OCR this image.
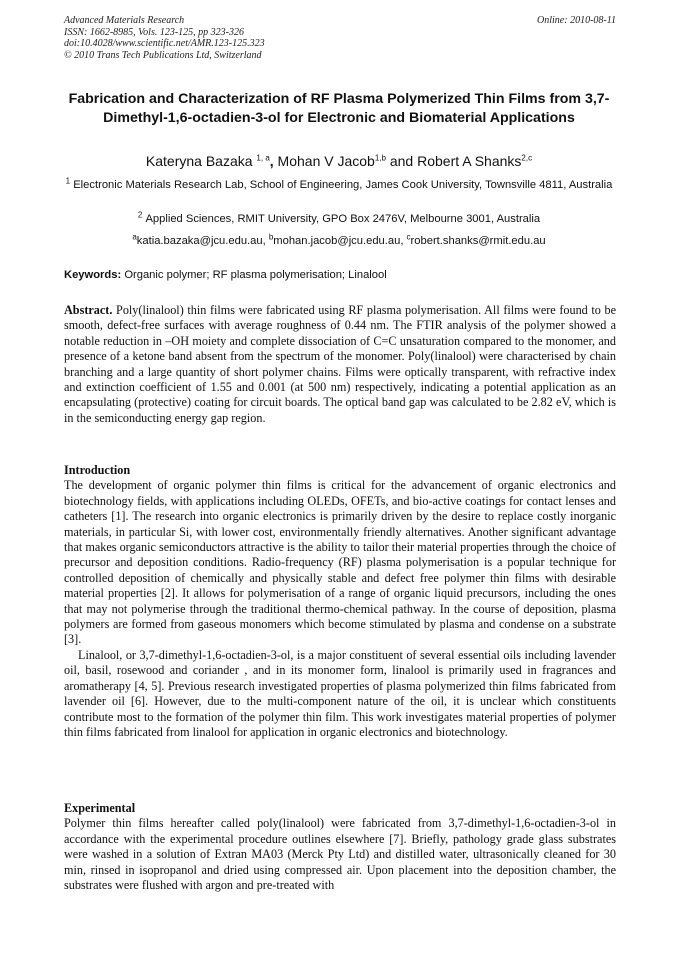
Advanced Materials Research
ISSN: 1662-8985, Vols. 123-125, pp 323-326
doi:10.4028/www.scientific.net/AMR.123-125.323
© 2010 Trans Tech Publications Ltd, Switzerland
Online: 2010-08-11
Fabrication and Characterization of RF Plasma Polymerized Thin Films from 3,7-Dimethyl-1,6-octadien-3-ol for Electronic and Biomaterial Applications
Kateryna Bazaka $^{1, a}$, Mohan V Jacob$^{1,b}$ and Robert A Shanks$^{2,c}$
$^1$ Electronic Materials Research Lab, School of Engineering, James Cook University, Townsville 4811, Australia
$^2$ Applied Sciences, RMIT University, GPO Box 2476V, Melbourne 3001, Australia
$^a$katia.bazaka@jcu.edu.au, $^b$mohan.jacob@jcu.edu.au, $^c$robert.shanks@rmit.edu.au
Keywords: Organic polymer; RF plasma polymerisation; Linalool
Abstract. Poly(linalool) thin films were fabricated using RF plasma polymerisation. All films were found to be smooth, defect-free surfaces with average roughness of 0.44 nm. The FTIR analysis of the polymer showed a notable reduction in –OH moiety and complete dissociation of C=C unsaturation compared to the monomer, and presence of a ketone band absent from the spectrum of the monomer. Poly(linalool) were characterised by chain branching and a large quantity of short polymer chains. Films were optically transparent, with refractive index and extinction coefficient of 1.55 and 0.001 (at 500 nm) respectively, indicating a potential application as an encapsulating (protective) coating for circuit boards. The optical band gap was calculated to be 2.82 eV, which is in the semiconducting energy gap region.

Introduction

The development of organic polymer thin films is critical for the advancement of organic electronics and biotechnology fields, with applications including OLEDs, OFETs, and bio-active coatings for contact lenses and catheters [1]. The research into organic electronics is primarily driven by the desire to replace costly inorganic materials, in particular Si, with lower cost, environmentally friendly alternatives. Another significant advantage that makes organic semiconductors attractive is the ability to tailor their material properties through the choice of precursor and deposition conditions. Radio-frequency (RF) plasma polymerisation is a popular technique for controlled deposition of chemically and physically stable and defect free polymer thin films with desirable material properties [2]. It allows for polymerisation of a range of organic liquid precursors, including the ones that may not polymerise through the traditional thermo-chemical pathway. In the course of deposition, plasma polymers are formed from gaseous monomers which become stimulated by plasma and condense on a substrate [3].

Linalool, or 3,7-dimethyl-1,6-octadien-3-ol, is a major constituent of several essential oils including lavender oil, basil, rosewood and coriander , and in its monomer form, linalool is primarily used in fragrances and aromatherapy [4, 5]. Previous research investigated properties of plasma polymerized thin films fabricated from lavender oil [6]. However, due to the multi-component nature of the oil, it is unclear which constituents contribute most to the formation of the polymer thin film. This work investigates material properties of polymer thin films fabricated from linalool for application in organic electronics and biotechnology.

Experimental

Polymer thin films hereafter called poly(linalool) were fabricated from 3,7-dimethyl-1,6-octadien-3-ol in accordance with the experimental procedure outlines elsewhere [7]. Briefly, pathology grade glass substrates were washed in a solution of Extran MA03 (Merck Pty Ltd) and distilled water, ultrasonically cleaned for 30 min, rinsed in isopropanol and dried using compressed air. Upon placement into the deposition chamber, the substrates were flushed with argon and pre-treated with
